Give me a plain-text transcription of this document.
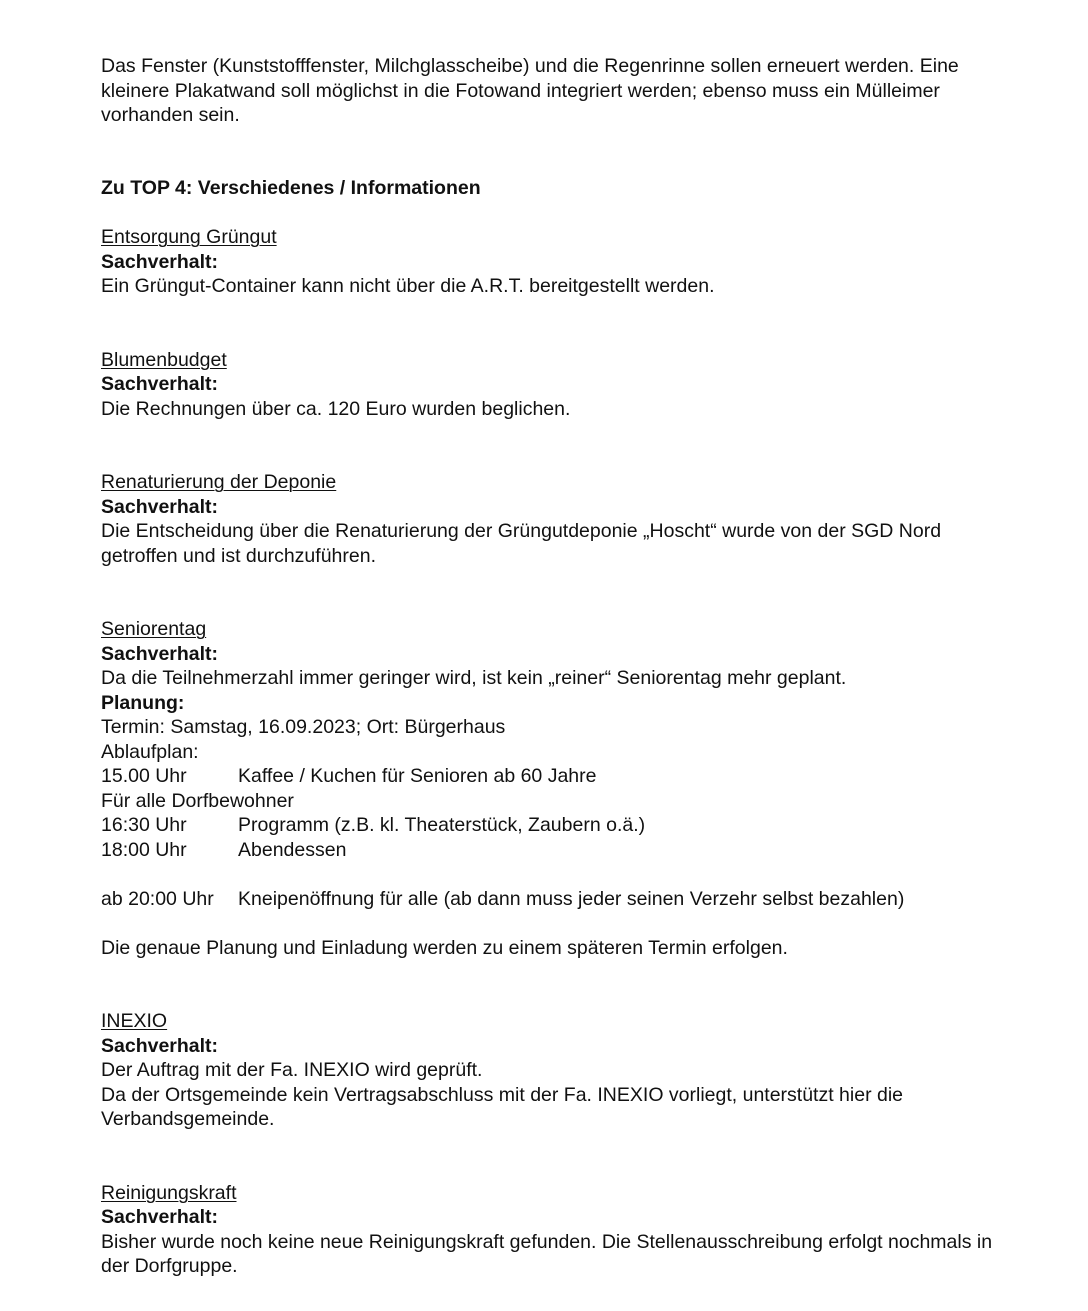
Das Fenster (Kunststofffenster, Milchglasscheibe) und die Regenrinne sollen erneuert werden. Eine kleinere Plakatwand soll möglichst in die Fotowand integriert werden; ebenso muss ein Mülleimer vorhanden sein.

Zu TOP 4: Verschiedenes / Informationen

Entsorgung Grüngut

Sachverhalt:

Ein Grüngut-Container kann nicht über die A.R.T. bereitgestellt werden.

Blumenbudget

Sachverhalt:

Die Rechnungen über ca. 120 Euro wurden beglichen.

Renaturierung der Deponie

Sachverhalt:

Die Entscheidung über die Renaturierung der Grüngutdeponie „Hoscht“ wurde von der SGD Nord getroffen und ist durchzuführen.

Seniorentag

Sachverhalt:

Da die Teilnehmerzahl immer geringer wird, ist kein „reiner“ Seniorentag mehr geplant.

Planung:

Termin: Samstag, 16.09.2023; Ort: Bürgerhaus

Ablaufplan:

15.00 Uhr	Kaffee / Kuchen für Senioren ab 60 Jahre

Für alle Dorfbewohner

16:30 Uhr	Programm (z.B. kl. Theaterstück, Zaubern o.ä.)
18:00 Uhr	Abendessen
ab 20:00 Uhr	Kneipenöffnung für alle (ab dann muss jeder seinen Verzehr selbst bezahlen)

Die genaue Planung und Einladung werden zu einem späteren Termin erfolgen.

INEXIO

Sachverhalt:

Der Auftrag mit der Fa. INEXIO wird geprüft.

Da der Ortsgemeinde kein Vertragsabschluss mit der Fa. INEXIO vorliegt, unterstützt hier die Verbandsgemeinde.

Reinigungskraft

Sachverhalt:

Bisher wurde noch keine neue Reinigungskraft gefunden. Die Stellenausschreibung erfolgt nochmals in der Dorfgruppe.
